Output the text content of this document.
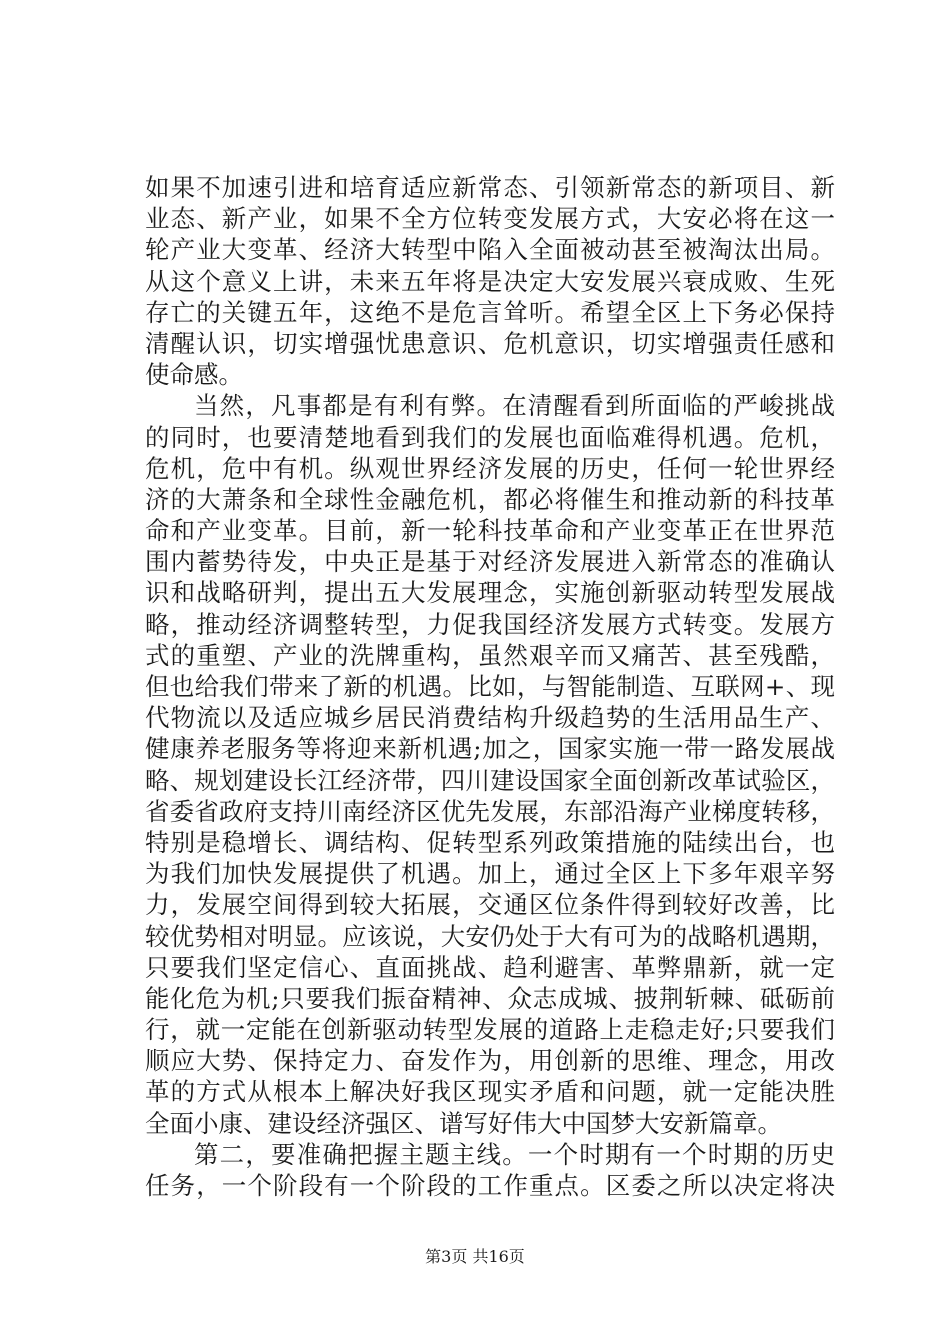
如果不加速引进和培育适应新常态、引领新常态的新项目、新
业态、新产业，如果不全方位转变发展方式，大安必将在这一
轮产业大变革、经济大转型中陷入全面被动甚至被淘汰出局。
从这个意义上讲，未来五年将是决定大安发展兴衰成败、生死
存亡的关键五年，这绝不是危言耸听。希望全区上下务必保持
清醒认识，切实增强忧患意识、危机意识，切实增强责任感和
使命感。
当然，凡事都是有利有弊。在清醒看到所面临的严峻挑战
的同时，也要清楚地看到我们的发展也面临难得机遇。危机，
危机，危中有机。纵观世界经济发展的历史，任何一轮世界经
济的大萧条和全球性金融危机，都必将催生和推动新的科技革
命和产业变革。目前，新一轮科技革命和产业变革正在世界范
围内蓄势待发，中央正是基于对经济发展进入新常态的准确认
识和战略研判，提出五大发展理念，实施创新驱动转型发展战
略，推动经济调整转型，力促我国经济发展方式转变。发展方
式的重塑、产业的洗牌重构，虽然艰辛而又痛苦、甚至残酷，
但也给我们带来了新的机遇。比如，与智能制造、互联网+、现
代物流以及适应城乡居民消费结构升级趋势的生活用品生产、
健康养老服务等将迎来新机遇;加之，国家实施一带一路发展战
略、规划建设长江经济带，四川建设国家全面创新改革试验区，
省委省政府支持川南经济区优先发展，东部沿海产业梯度转移，
特别是稳增长、调结构、促转型系列政策措施的陆续出台，也
为我们加快发展提供了机遇。加上，通过全区上下多年艰辛努
力，发展空间得到较大拓展，交通区位条件得到较好改善，比
较优势相对明显。应该说，大安仍处于大有可为的战略机遇期，
只要我们坚定信心、直面挑战、趋利避害、革弊鼎新，就一定
能化危为机;只要我们振奋精神、众志成城、披荆斩棘、砥砺前
行，就一定能在创新驱动转型发展的道路上走稳走好;只要我们
顺应大势、保持定力、奋发作为，用创新的思维、理念，用改
革的方式从根本上解决好我区现实矛盾和问题，就一定能决胜
全面小康、建设经济强区、谱写好伟大中国梦大安新篇章。
第二，要准确把握主题主线。一个时期有一个时期的历史
任务，一个阶段有一个阶段的工作重点。区委之所以决定将决
第3页 共16页
